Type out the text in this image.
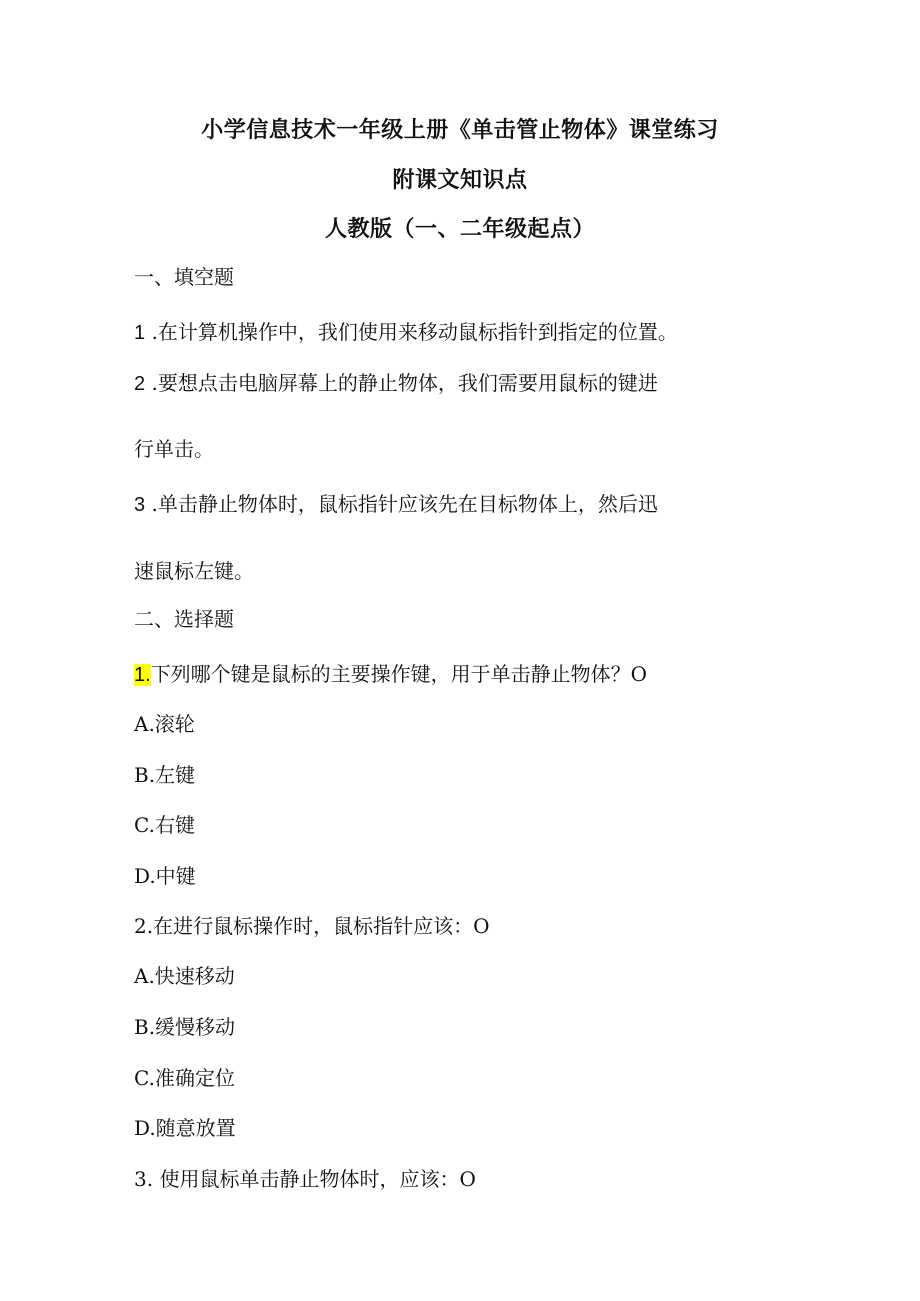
小学信息技术一年级上册《单击管止物体》课堂练习
附课文知识点
人教版（一、二年级起点）
一、填空题
1 .在计算机操作中，我们使用来移动鼠标指针到指定的位置。
2 .要想点击电脑屏幕上的静止物体，我们需要用鼠标的键进
行单击。
3 .单击静止物体时，鼠标指针应该先在目标物体上，然后迅
速鼠标左键。
二、选择题
1.下列哪个键是鼠标的主要操作键，用于单击静止物体？O
A.滚轮
B.左键
C.右键
D.中键
2.在进行鼠标操作时，鼠标指针应该：O
A.快速移动
B.缓慢移动
C.准确定位
D.随意放置
3. 使用鼠标单击静止物体时，应该：O
